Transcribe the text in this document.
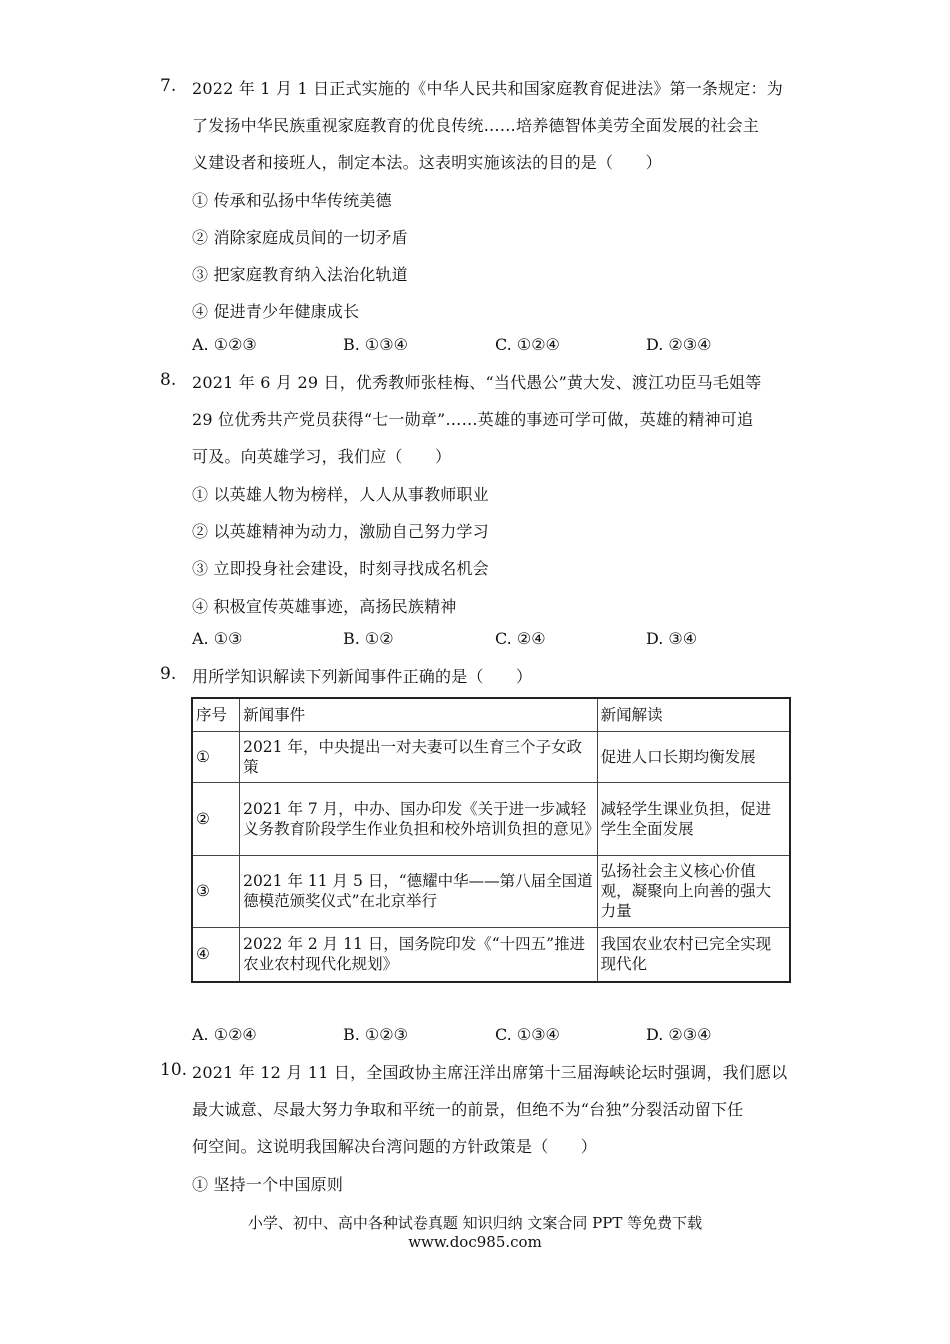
7. 2022 年 1 月 1 日正式实施的《中华人民共和国家庭教育促进法》第一条规定：为
了发扬中华民族重视家庭教育的优良传统……培养德智体美劳全面发展的社会主
义建设者和接班人，制定本法。这表明实施该法的目的是（　　）
① 传承和弘扬中华传统美德
② 消除家庭成员间的一切矛盾
③ 把家庭教育纳入法治化轨道
④ 促进青少年健康成长
A. ①②③	B. ①③④	C. ①②④	D. ②③④
8. 2021 年 6 月 29 日，优秀教师张桂梅、“当代愚公”黄大发、渡江功臣马毛姐等
29 位优秀共产党员获得“七一勋章”……英雄的事迹可学可做，英雄的精神可追
可及。向英雄学习，我们应（　　）
① 以英雄人物为榜样，人人从事教师职业
② 以英雄精神为动力，激励自己努力学习
③ 立即投身社会建设，时刻寻找成名机会
④ 积极宣传英雄事迹，高扬民族精神
A. ①③	B. ①②	C. ②④	D. ③④
9. 用所学知识解读下列新闻事件正确的是（　　）
序号	新闻事件	新闻解读
①	2021 年，中央提出一对夫妻可以生育三个子女政策	促进人口长期均衡发展
②	2021 年 7 月，中办、国办印发《关于进一步减轻义务教育阶段学生作业负担和校外培训负担的意见》	减轻学生课业负担，促进学生全面发展
③	2021 年 11 月 5 日，“德耀中华——第八届全国道德模范颁奖仪式”在北京举行	弘扬社会主义核心价值观，凝聚向上向善的强大力量
④	2022 年 2 月 11 日，国务院印发《“十四五”推进农业农村现代化规划》	我国农业农村已完全实现现代化
A. ①②④	B. ①②③	C. ①③④	D. ②③④
10. 2021 年 12 月 11 日，全国政协主席汪洋出席第十三届海峡论坛时强调，我们愿以
最大诚意、尽最大努力争取和平统一的前景，但绝不为“台独”分裂活动留下任
何空间。这说明我国解决台湾问题的方针政策是（　　）
① 坚持一个中国原则
小学、初中、高中各种试卷真题 知识归纳 文案合同 PPT 等免费下载
www.doc985.com
